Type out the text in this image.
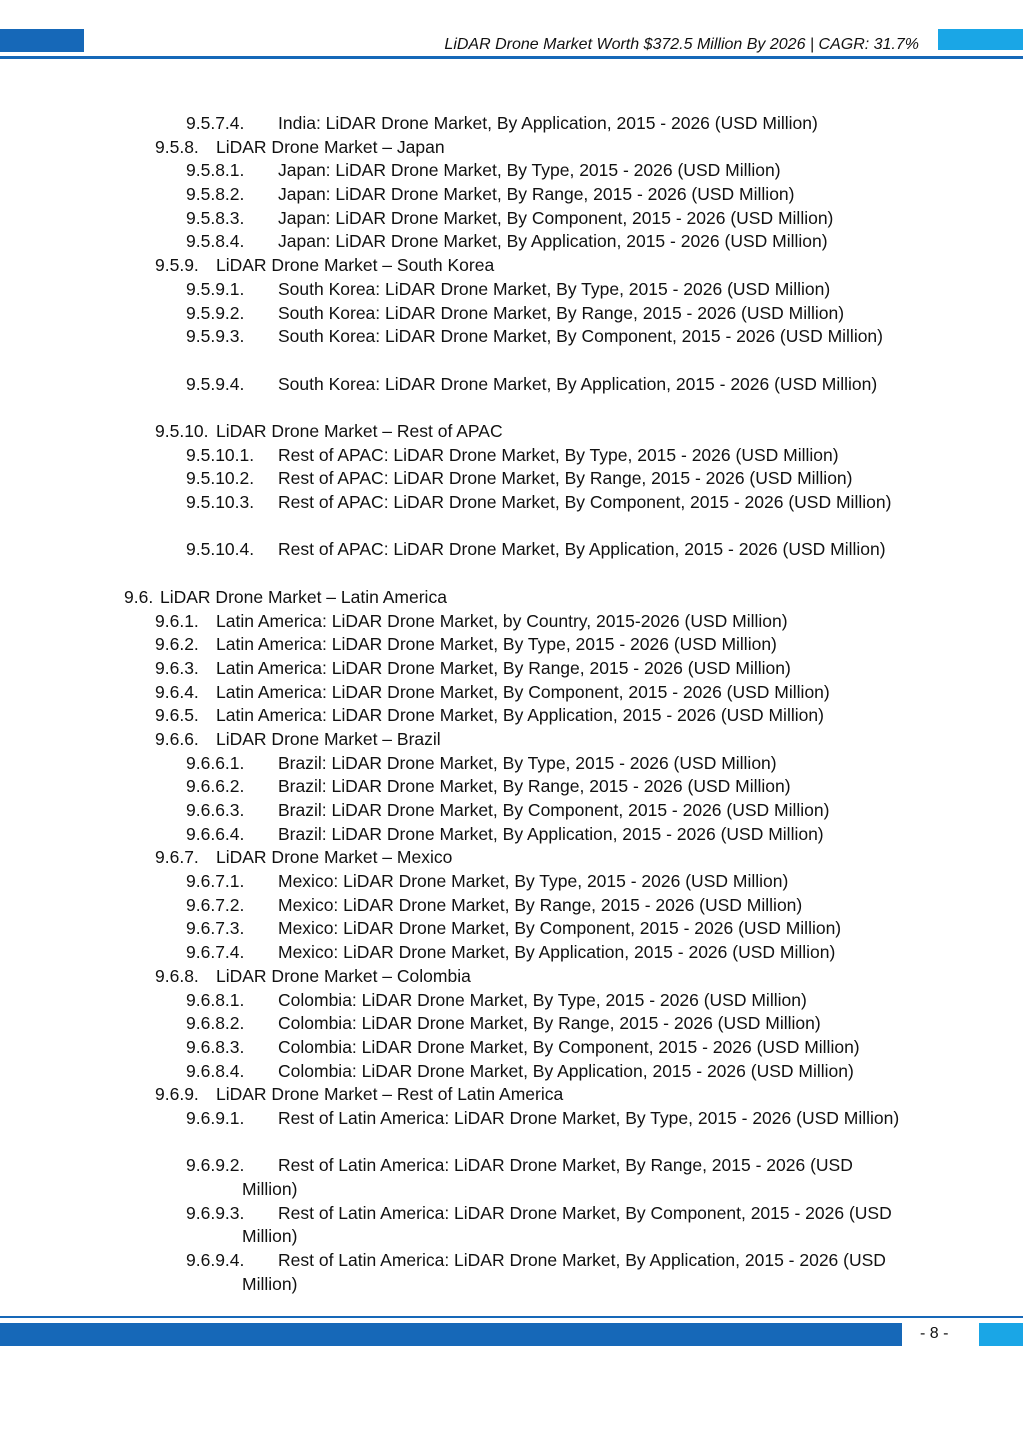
LiDAR Drone Market Worth $372.5 Million By 2026 | CAGR: 31.7%
9.5.7.4. India: LiDAR Drone Market, By Application, 2015 - 2026 (USD Million)
9.5.8. LiDAR Drone Market – Japan
9.5.8.1. Japan: LiDAR Drone Market, By Type, 2015 - 2026 (USD Million)
9.5.8.2. Japan: LiDAR Drone Market, By Range, 2015 - 2026 (USD Million)
9.5.8.3. Japan: LiDAR Drone Market, By Component, 2015 - 2026 (USD Million)
9.5.8.4. Japan: LiDAR Drone Market, By Application, 2015 - 2026 (USD Million)
9.5.9. LiDAR Drone Market – South Korea
9.5.9.1. South Korea: LiDAR Drone Market, By Type, 2015 - 2026 (USD Million)
9.5.9.2. South Korea: LiDAR Drone Market, By Range, 2015 - 2026 (USD Million)
9.5.9.3.	South Korea: LiDAR Drone Market, By Component, 2015 - 2026 (USD Million)
9.5.9.4.	South Korea: LiDAR Drone Market, By Application, 2015 - 2026 (USD Million)
9.5.10. LiDAR Drone Market – Rest of APAC
9.5.10.1. Rest of APAC: LiDAR Drone Market, By Type, 2015 - 2026 (USD Million)
9.5.10.2. Rest of APAC: LiDAR Drone Market, By Range, 2015 - 2026 (USD Million)
9.5.10.3.	Rest of APAC: LiDAR Drone Market, By Component, 2015 - 2026 (USD Million)
9.5.10.4.	Rest of APAC: LiDAR Drone Market, By Application, 2015 - 2026 (USD Million)
9.6. LiDAR Drone Market – Latin America
9.6.1. Latin America: LiDAR Drone Market, by Country, 2015-2026 (USD Million)
9.6.2. Latin America: LiDAR Drone Market, By Type, 2015 - 2026 (USD Million)
9.6.3. Latin America: LiDAR Drone Market, By Range, 2015 - 2026 (USD Million)
9.6.4. Latin America: LiDAR Drone Market, By Component, 2015 - 2026 (USD Million)
9.6.5. Latin America: LiDAR Drone Market, By Application, 2015 - 2026 (USD Million)
9.6.6. LiDAR Drone Market – Brazil
9.6.6.1. Brazil: LiDAR Drone Market, By Type, 2015 - 2026 (USD Million)
9.6.6.2. Brazil: LiDAR Drone Market, By Range, 2015 - 2026 (USD Million)
9.6.6.3. Brazil: LiDAR Drone Market, By Component, 2015 - 2026 (USD Million)
9.6.6.4. Brazil: LiDAR Drone Market, By Application, 2015 - 2026 (USD Million)
9.6.7. LiDAR Drone Market – Mexico
9.6.7.1. Mexico: LiDAR Drone Market, By Type, 2015 - 2026 (USD Million)
9.6.7.2. Mexico: LiDAR Drone Market, By Range, 2015 - 2026 (USD Million)
9.6.7.3. Mexico: LiDAR Drone Market, By Component, 2015 - 2026 (USD Million)
9.6.7.4. Mexico: LiDAR Drone Market, By Application, 2015 - 2026 (USD Million)
9.6.8. LiDAR Drone Market – Colombia
9.6.8.1. Colombia: LiDAR Drone Market, By Type, 2015 - 2026 (USD Million)
9.6.8.2. Colombia: LiDAR Drone Market, By Range, 2015 - 2026 (USD Million)
9.6.8.3. Colombia: LiDAR Drone Market, By Component, 2015 - 2026 (USD Million)
9.6.8.4. Colombia: LiDAR Drone Market, By Application, 2015 - 2026 (USD Million)
9.6.9. LiDAR Drone Market – Rest of Latin America
9.6.9.1.	Rest of Latin America: LiDAR Drone Market, By Type, 2015 - 2026 (USD Million)
9.6.9.2.	Rest of Latin America: LiDAR Drone Market, By Range, 2015 - 2026 (USD Million)
9.6.9.3.	Rest of Latin America: LiDAR Drone Market, By Component, 2015 - 2026 (USD Million)
9.6.9.4.	Rest of Latin America: LiDAR Drone Market, By Application, 2015 - 2026 (USD Million)
- 8 -
